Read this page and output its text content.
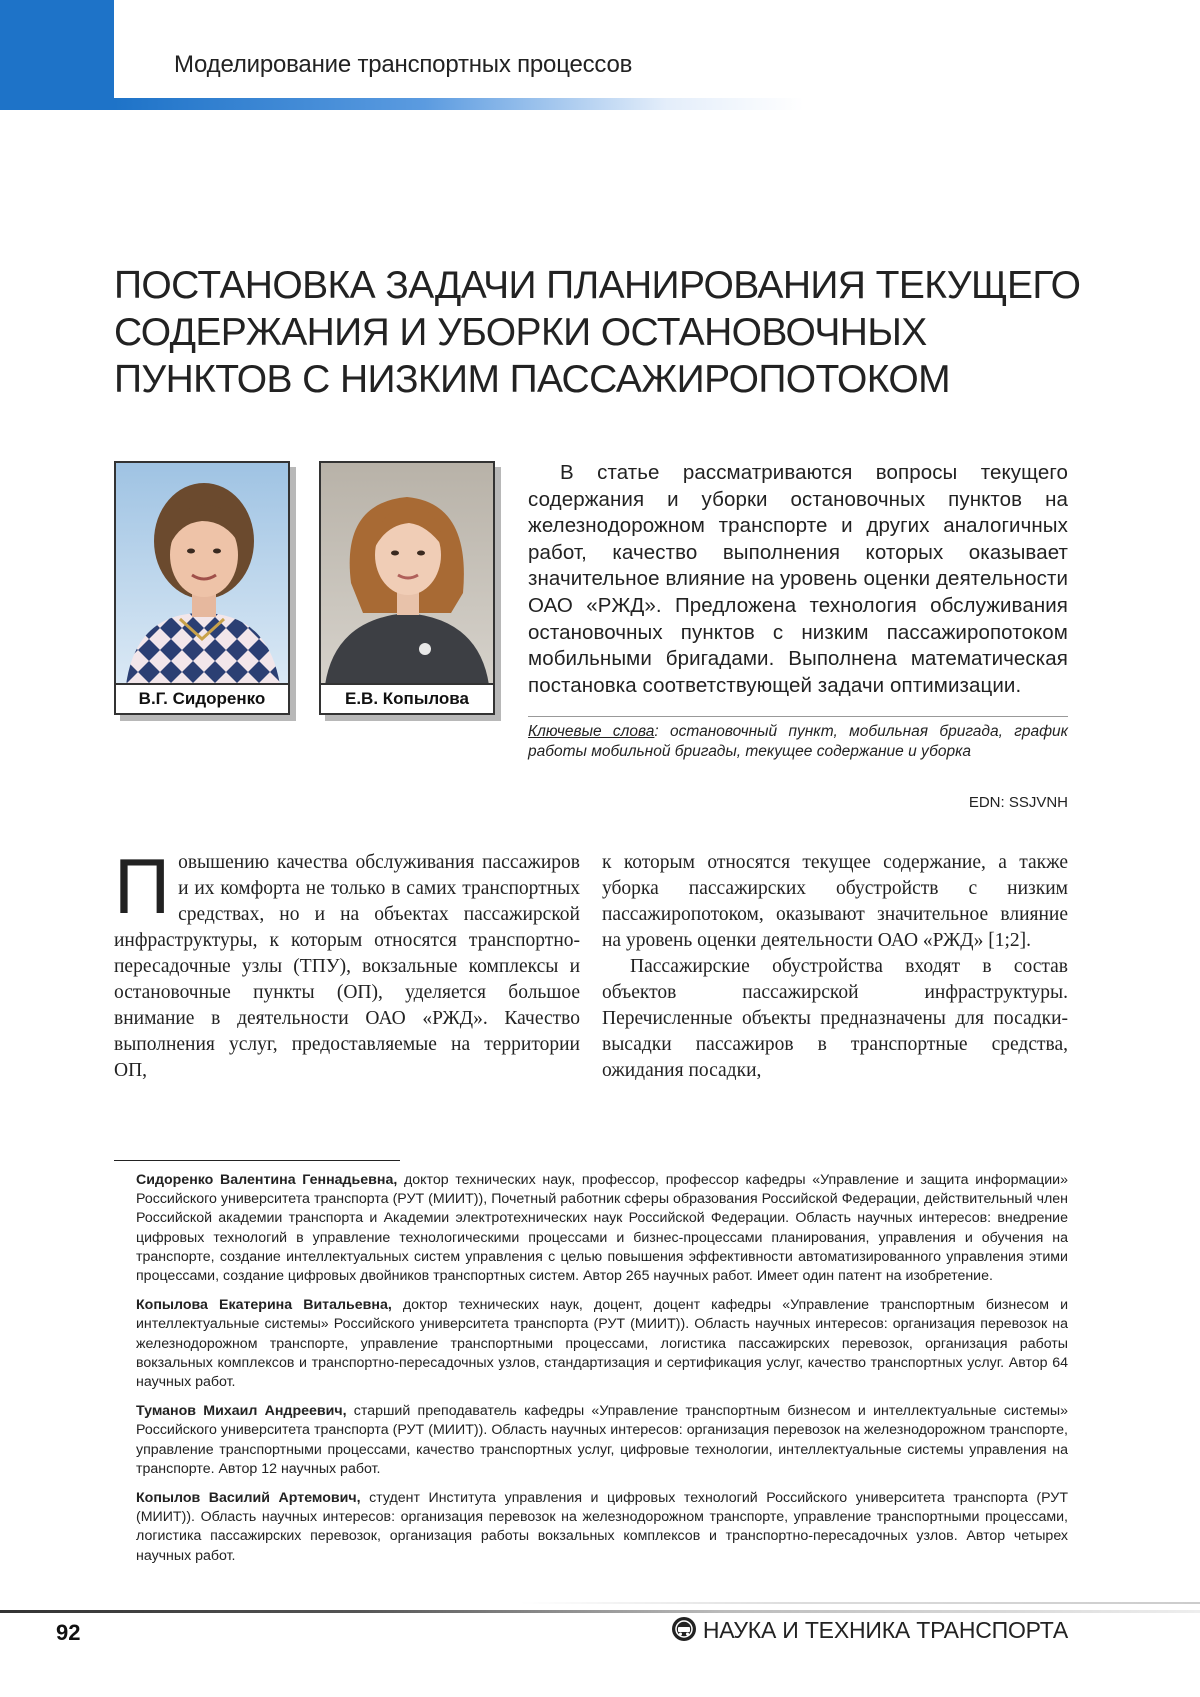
Моделирование транспортных процессов
ПОСТАНОВКА ЗАДАЧИ ПЛАНИРОВАНИЯ ТЕКУЩЕГО СОДЕРЖАНИЯ И УБОРКИ ОСТАНОВОЧНЫХ ПУНКТОВ С НИЗКИМ ПАССАЖИРОПОТОКОМ
В.Г. Сидоренко	Е.В. Копылова
В статье рассматриваются вопросы текущего содержания и уборки остановочных пунктов на железнодорожном транспорте и других аналогичных работ, качество выполнения которых оказывает значительное влияние на уровень оценки деятельности ОАО «РЖД». Предложена технология обслуживания остановочных пунктов с низким пассажиропотоком мобильными бригадами. Выполнена математическая постановка соответствующей задачи оптимизации.
Ключевые слова: остановочный пункт, мобильная бригада, график работы мобильной бригады, текущее содержание и уборка
EDN: SSJVNH
Повышению качества обслуживания пассажиров и их комфорта не только в самих транспортных средствах, но и на объектах пассажирской инфраструктуры, к которым относятся транспортно-пересадочные узлы (ТПУ), вокзальные комплексы и остановочные пункты (ОП), уделяется большое внимание в деятельности ОАО «РЖД». Качество выполнения услуг, предоставляемые на территории ОП,

к которым относятся текущее содержание, а также уборка пассажирских обустройств с низким пассажиропотоком, оказывают значительное влияние на уровень оценки деятельности ОАО «РЖД» [1;2].

Пассажирские обустройства входят в состав объектов пассажирской инфраструктуры. Перечисленные объекты предназначены для посадки-высадки пассажиров в транспортные средства, ожидания посадки,

Сидоренко Валентина Геннадьевна, доктор технических наук, профессор, профессор кафедры «Управление и защита информации» Российского университета транспорта (РУТ (МИИТ)), Почетный работник сферы образования Российской Федерации, действительный член Российской академии транспорта и Академии электротехнических наук Российской Федерации. Область научных интересов: внедрение цифровых технологий в управление технологическими процессами и бизнес-процессами планирования, управления и обучения на транспорте, создание интеллектуальных систем управления с целью повышения эффективности автоматизированного управления этими процессами, создание цифровых двойников транспортных систем. Автор 265 научных работ. Имеет один патент на изобретение.

Копылова Екатерина Витальевна, доктор технических наук, доцент, доцент кафедры «Управление транспортным бизнесом и интеллектуальные системы» Российского университета транспорта (РУТ (МИИТ)). Область научных интересов: организация перевозок на железнодорожном транспорте, управление транспортными процессами, логистика пассажирских перевозок, организация работы вокзальных комплексов и транспортно-пересадочных узлов, стандартизация и сертификация услуг, качество транспортных услуг. Автор 64 научных работ.

Туманов Михаил Андреевич, старший преподаватель кафедры «Управление транспортным бизнесом и интеллектуальные системы» Российского университета транспорта (РУТ (МИИТ)). Область научных интересов: организация перевозок на железнодорожном транспорте, управление транспортными процессами, качество транспортных услуг, цифровые технологии, интеллектуальные системы управления на транспорте. Автор 12 научных работ.

Копылов Василий Артемович, студент Института управления и цифровых технологий Российского университета транспорта (РУТ (МИИТ)). Область научных интересов: организация перевозок на железнодорожном транспорте, управление транспортными процессами, логистика пассажирских перевозок, организация работы вокзальных комплексов и транспортно-пересадочных узлов. Автор четырех научных работ.

92	НАУКА И ТЕХНИКА ТРАНСПОРТА
